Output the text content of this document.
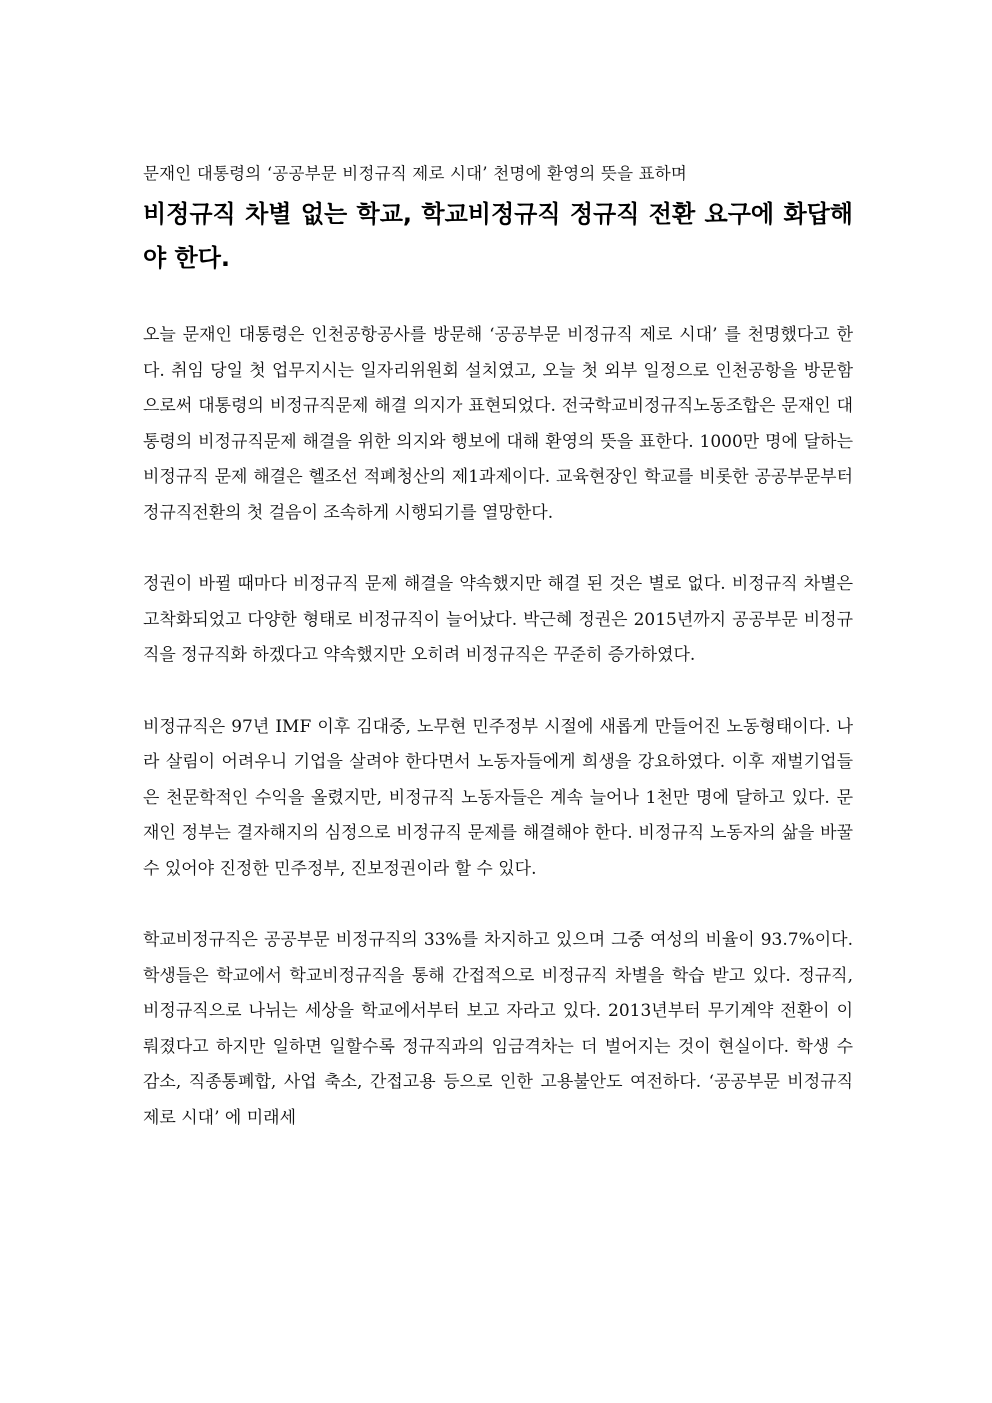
문재인 대통령의 ‘공공부문 비정규직 제로 시대’ 천명에 환영의 뜻을 표하며

비정규직 차별 없는 학교, 학교비정규직 정규직 전환 요구에 화답해야 한다.

오늘 문재인 대통령은 인천공항공사를 방문해 ‘공공부문 비정규직 제로 시대’ 를 천명했다고 한다. 취임 당일 첫 업무지시는 일자리위원회 설치였고, 오늘 첫 외부 일정으로 인천공항을 방문함으로써 대통령의 비정규직문제 해결 의지가 표현되었다. 전국학교비정규직노동조합은 문재인 대통령의 비정규직문제 해결을 위한 의지와 행보에 대해 환영의 뜻을 표한다. 1000만 명에 달하는 비정규직 문제 해결은 헬조선 적폐청산의 제1과제이다. 교육현장인 학교를 비롯한 공공부문부터 정규직전환의 첫 걸음이 조속하게 시행되기를 열망한다.

정권이 바뀔 때마다 비정규직 문제 해결을 약속했지만 해결 된 것은 별로 없다. 비정규직 차별은 고착화되었고 다양한 형태로 비정규직이 늘어났다. 박근혜 정권은 2015년까지 공공부문 비정규직을 정규직화 하겠다고 약속했지만 오히려 비정규직은 꾸준히 증가하였다.

비정규직은 97년 IMF 이후 김대중, 노무현 민주정부 시절에 새롭게 만들어진 노동형태이다. 나라 살림이 어려우니 기업을 살려야 한다면서 노동자들에게 희생을 강요하였다. 이후 재벌기업들은 천문학적인 수익을 올렸지만, 비정규직 노동자들은 계속 늘어나 1천만 명에 달하고 있다. 문재인 정부는 결자해지의 심정으로 비정규직 문제를 해결해야 한다. 비정규직 노동자의 삶을 바꿀 수 있어야 진정한 민주정부, 진보정권이라 할 수 있다.

학교비정규직은 공공부문 비정규직의 33%를 차지하고 있으며 그중 여성의 비율이 93.7%이다. 학생들은 학교에서 학교비정규직을 통해 간접적으로 비정규직 차별을 학습 받고 있다. 정규직, 비정규직으로 나뉘는 세상을 학교에서부터 보고 자라고 있다. 2013년부터 무기계약 전환이 이뤄졌다고 하지만 일하면 일할수록 정규직과의 임금격차는 더 벌어지는 것이 현실이다. 학생 수 감소, 직종통폐합, 사업 축소, 간접고용 등으로 인한 고용불안도 여전하다. ‘공공부문 비정규직 제로 시대’ 에 미래세
